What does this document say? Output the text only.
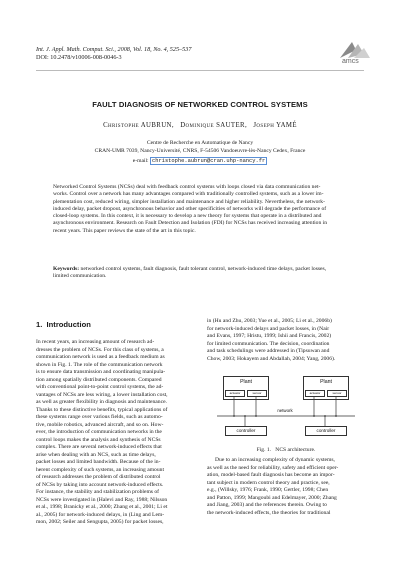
Int. J. Appl. Math. Comput. Sci., 2008, Vol. 18, No. 4, 525–537
DOI: 10.2478/v10006-008-0046-3
amcs
FAULT DIAGNOSIS OF NETWORKED CONTROL SYSTEMS
Christophe AUBRUN,   Dominique SAUTER,   Joseph YAMÉ
Centre de Recherche en Automatique de Nancy
CRAN-UMR 7039, Nancy-Université, CNRS, F-54506 Vandoeuvre-lès-Nancy Cedex, France
e-mail: christophe.aubrun@cran.uhp-nancy.fr
Networked Control Systems (NCSs) deal with feedback control systems with loops closed via data communication net-
works. Control over a network has many advantages compared with traditionally controlled systems, such as a lower im-
plementation cost, reduced wiring, simpler installation and maintenance and higher reliability. Nevertheless, the network-
induced delay, packet dropout, asynchronous behavior and other specificities of networks will degrade the performance of
closed-loop systems. In this context, it is necessary to develop a new theory for systems that operate in a distributed and
asynchronous environment. Research on Fault Detection and Isolation (FDI) for NCSs has received increasing attention in
recent years. This paper reviews the state of the art in this topic.
Keywords: networked control systems, fault diagnosis, fault tolerant control, network-induced time delays, packet losses,
limited communication.
1.  Introduction
In recent years, an increasing amount of research ad-
dresses the problem of NCSs. For this class of systems, a
communication network is used as a feedback medium as
shown in Fig. 1. The role of the communication network
is to ensure data transmission and coordinating manipula-
tion among spatially distributed components. Compared
with conventional point-to-point control systems, the ad-
vantages of NCSs are less wiring, a lower installation cost,
as well as greater flexibility in diagnosis and maintenance.
Thanks to these distinctive benefits, typical applications of
these systems range over various fields, such as automo-
tive, mobile robotics, advanced aircraft, and so on. How-
ever, the introduction of communication networks in the
control loops makes the analysis and synthesis of NCSs
complex. There are several network-induced effects that
arise when dealing with an NCS, such as time delays,
packet losses and limited bandwidth. Because of the in-
herent complexity of such systems, an increasing amount
of research addresses the problem of distributed control
of NCSs by taking into account network-induced effects.
For instance, the stability and stabilization problems of
NCSs were investigated in (Halevi and Ray, 1988; Nilsson
et al., 1998; Branicky et al., 2000; Zhang et al., 2001; Li et
al., 2005) for network-induced delays, in (Ling and Lem-
mon, 2002; Seiler and Sengupta, 2005) for packet losses,
in (Hu and Zhu, 2003; Yue et al., 2005; Li et al., 2006b)
for network-induced delays and packet losses, in (Nair
and Evans, 1997; Hristu, 1999; Ishii and Francis, 2002)
for limited communication. The decision, coordination
and task schedulings were addressed in (Tipsuwan and
Chow, 2003; Hokayem and Abdallah, 2004; Yang, 2006).
Plant
actuator	sensor
Plant
actuator	sensor
network
controller	controller
Fig. 1.   NCS architecture.
Due to an increasing complexity of dynamic systems,
as well as the need for reliability, safety and efficient oper-
ation, model-based fault diagnosis has become an impor-
tant subject in modern control theory and practice, see,
e.g., (Willsky, 1976; Frank, 1990; Gertler, 1998; Chen
and Patton, 1999; Mangoubi and Edelmayer, 2000; Zhang
and Jiang, 2003) and the references therein. Owing to
the network-induced effects, the theories for traditional
